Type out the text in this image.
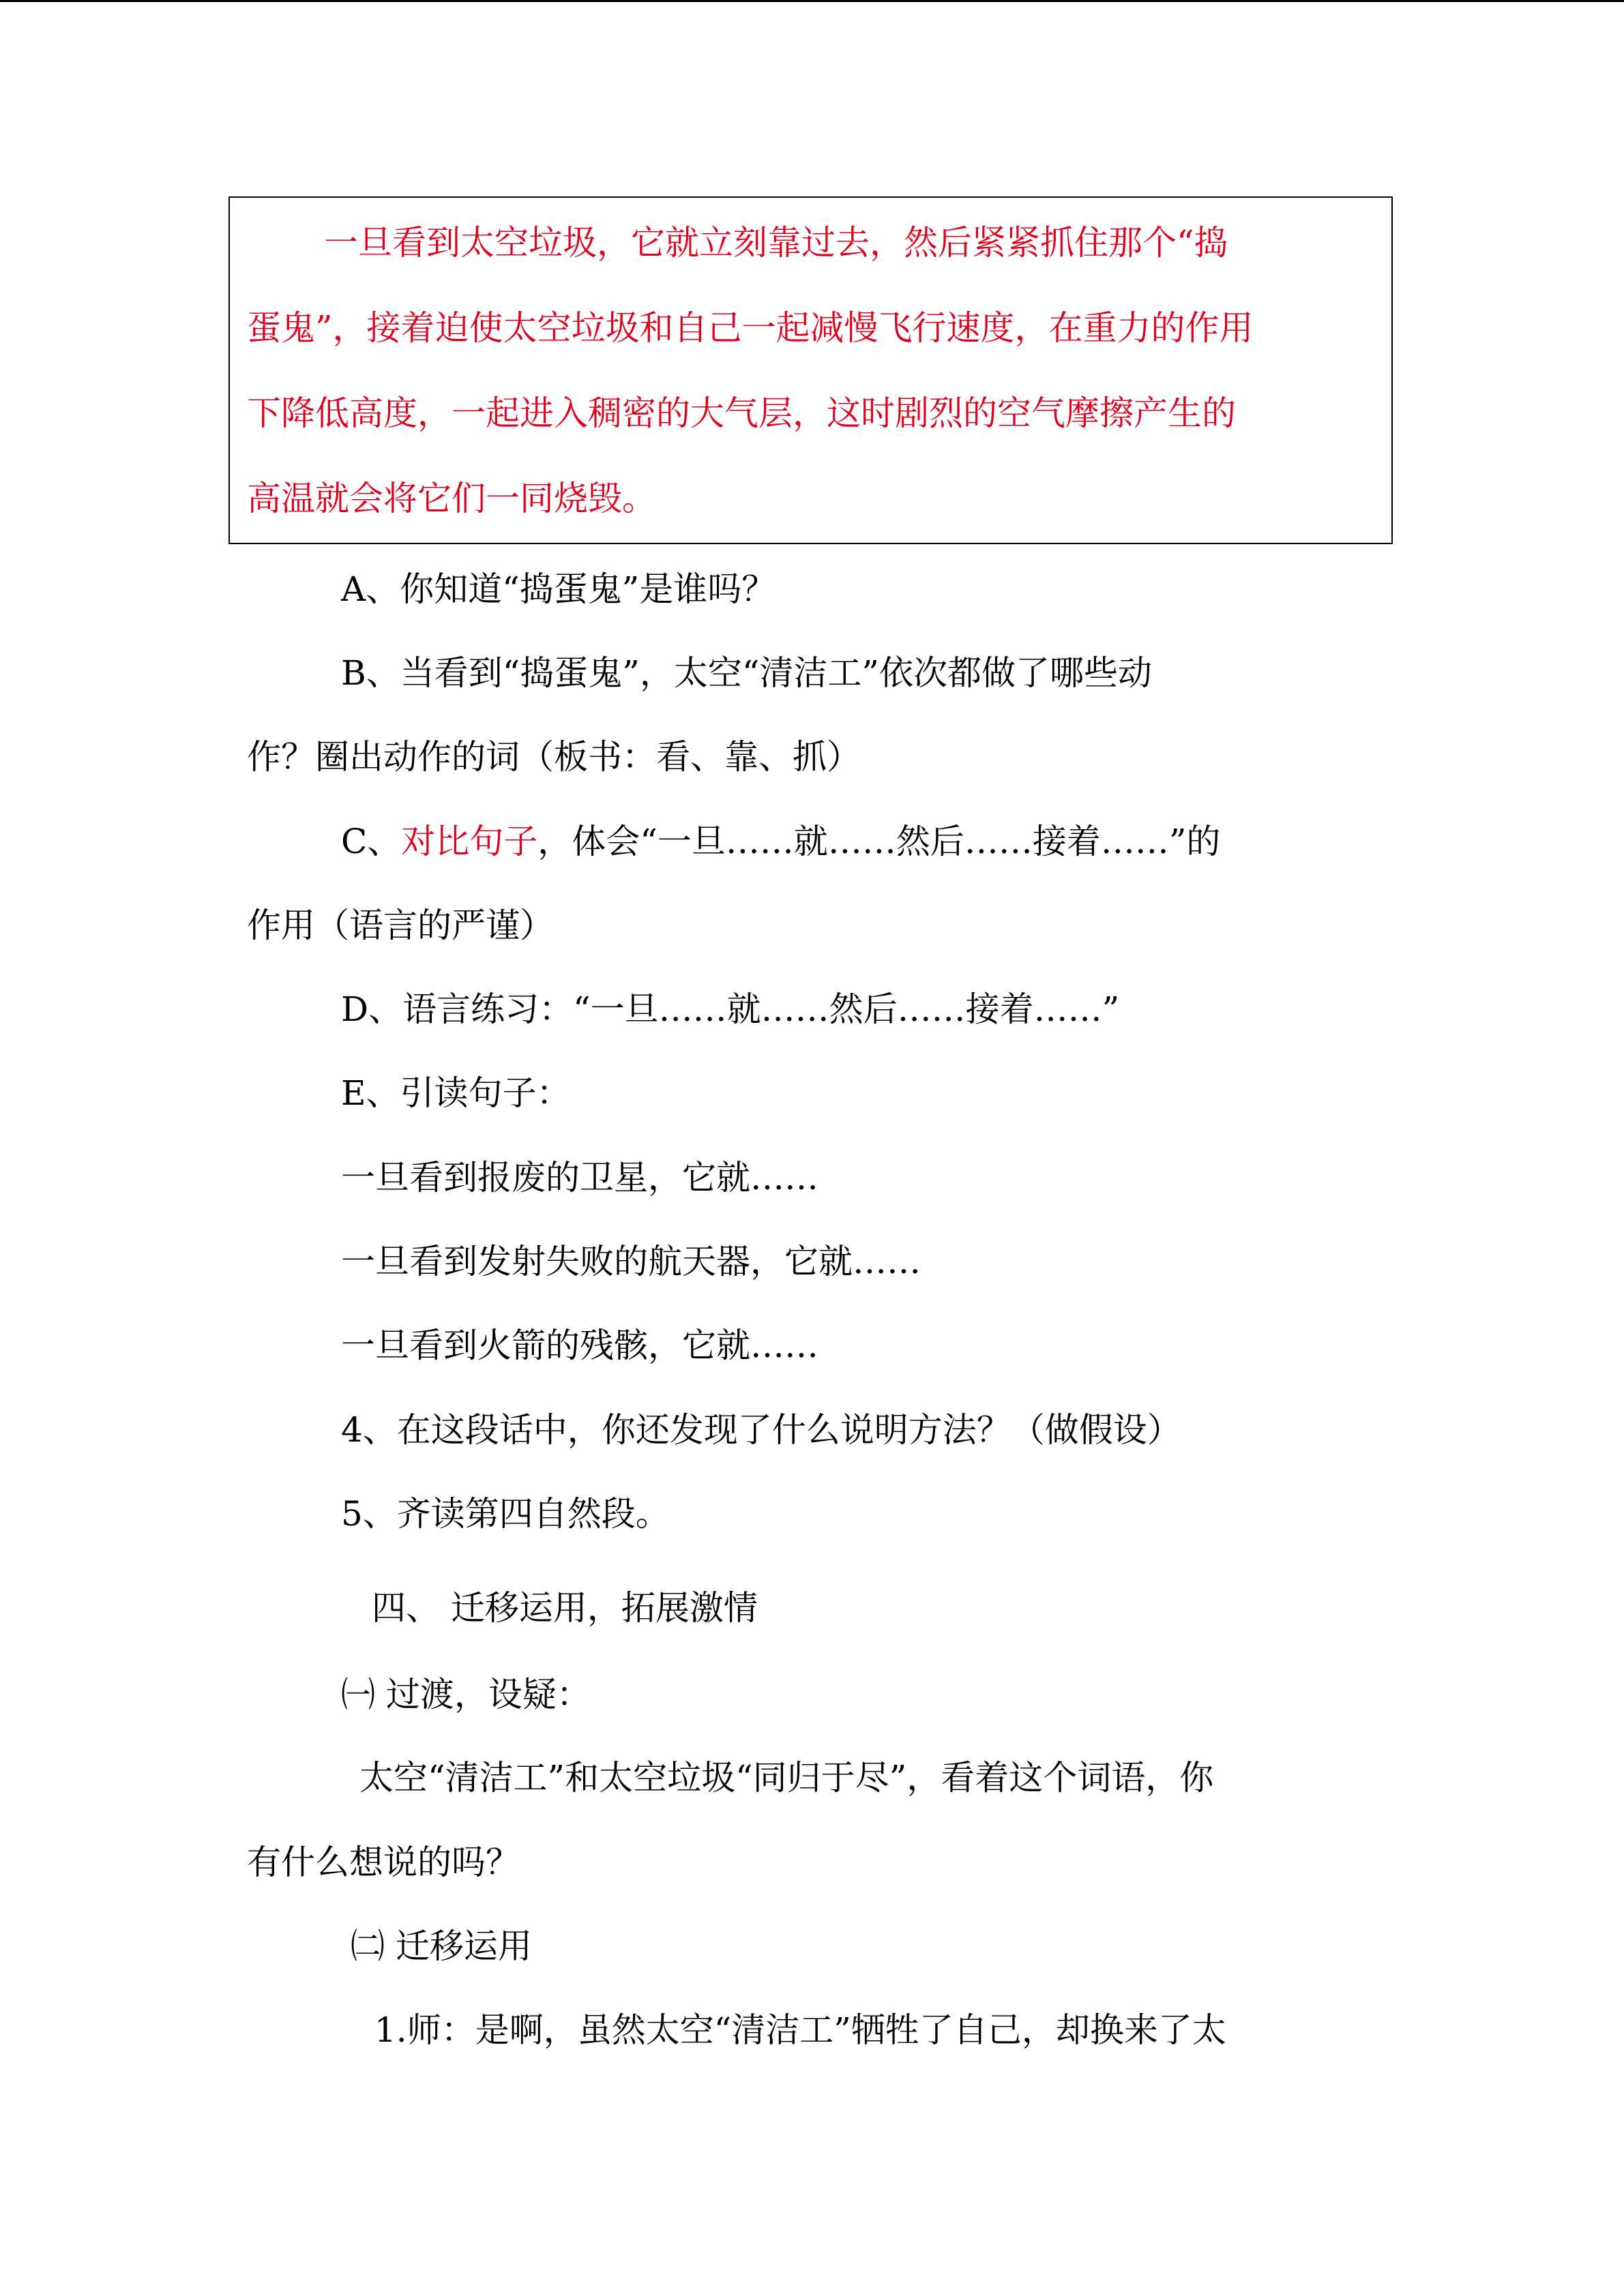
一旦看到太空垃圾，它就立刻靠过去，然后紧紧抓住那个“捣
蛋鬼”，接着迫使太空垃圾和自己一起减慢飞行速度，在重力的作用
下降低高度，一起进入稠密的大气层，这时剧烈的空气摩擦产生的
高温就会将它们一同烧毁。
A、你知道“捣蛋鬼”是谁吗？
B、当看到“捣蛋鬼”，太空“清洁工”依次都做了哪些动
作？圈出动作的词（板书：看、靠、抓）
C、对比句子，体会“一旦……就……然后……接着……”的
作用（语言的严谨）
D、语言练习：“一旦……就……然后……接着……”
E、引读句子：
一旦看到报废的卫星，它就……
一旦看到发射失败的航天器，它就……
一旦看到火箭的残骸，它就……
4、在这段话中，你还发现了什么说明方法？（做假设）
5、齐读第四自然段。
四、 迁移运用，拓展激情
㈠ 过渡，设疑：
太空“清洁工”和太空垃圾“同归于尽”，看着这个词语，你
有什么想说的吗？
㈡ 迁移运用
1.师：是啊，虽然太空“清洁工”牺牲了自己，却换来了太
